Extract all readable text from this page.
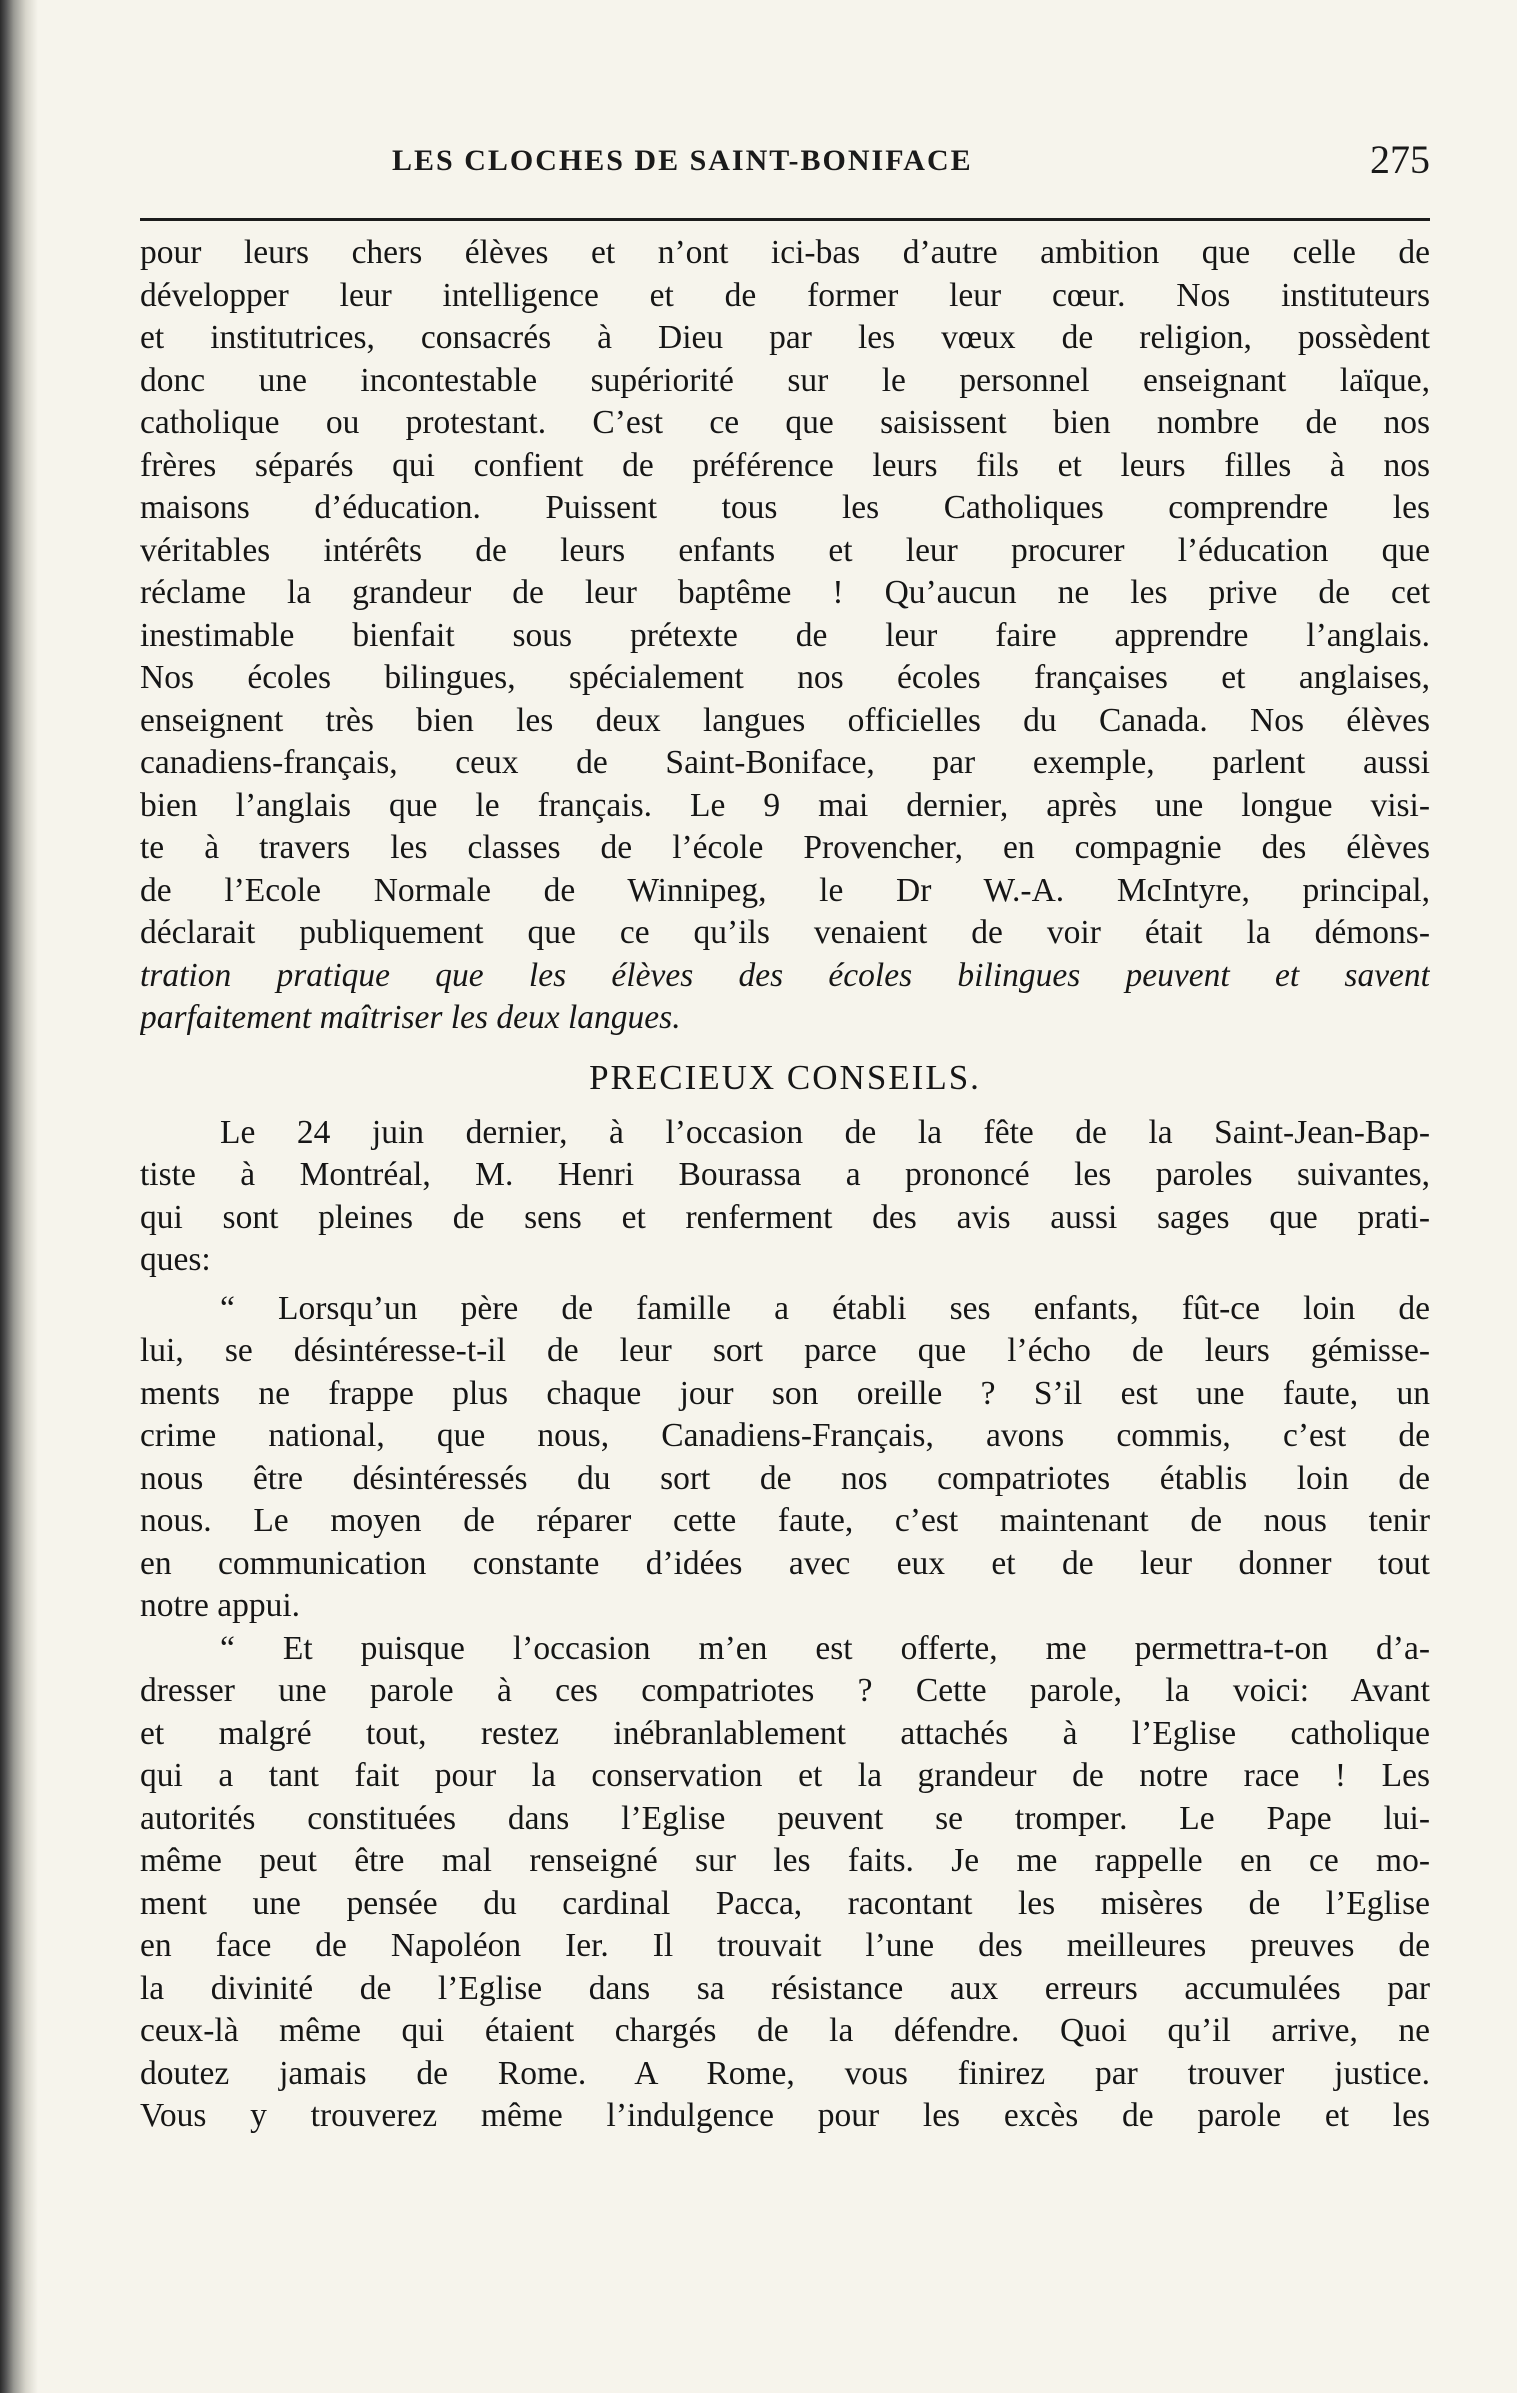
LES CLOCHES DE SAINT-BONIFACE	275
pour leurs chers élèves et n’ont ici-bas d’autre ambition que celle de
développer leur intelligence et de former leur cœur. Nos instituteurs
et institutrices, consacrés à Dieu par les vœux de religion, possèdent
donc une incontestable supériorité sur le personnel enseignant laïque,
catholique ou protestant. C’est ce que saisissent bien nombre de nos
frères séparés qui confient de préférence leurs fils et leurs filles à nos
maisons d’éducation. Puissent tous les Catholiques comprendre les
véritables intérêts de leurs enfants et leur procurer l’éducation que
réclame la grandeur de leur baptême ! Qu’aucun ne les prive de cet
inestimable bienfait sous prétexte de leur faire apprendre l’anglais.
Nos écoles bilingues, spécialement nos écoles françaises et anglaises,
enseignent très bien les deux langues officielles du Canada. Nos élèves
canadiens-français, ceux de Saint-Boniface, par exemple, parlent aussi
bien l’anglais que le français. Le 9 mai dernier, après une longue visi-
te à travers les classes de l’école Provencher, en compagnie des élèves
de l’Ecole Normale de Winnipeg, le Dr W.-A. McIntyre, principal,
déclarait publiquement que ce qu’ils venaient de voir était la démons-
tration pratique que les élèves des écoles bilingues peuvent et savent
parfaitement maîtriser les deux langues.
PRECIEUX CONSEILS.
Le 24 juin dernier, à l’occasion de la fête de la Saint-Jean-Bap-
tiste à Montréal, M. Henri Bourassa a prononcé les paroles suivantes,
qui sont pleines de sens et renferment des avis aussi sages que prati-
ques:
“ Lorsqu’un père de famille a établi ses enfants, fût-ce loin de
lui, se désintéresse-t-il de leur sort parce que l’écho de leurs gémisse-
ments ne frappe plus chaque jour son oreille ? S’il est une faute, un
crime national, que nous, Canadiens-Français, avons commis, c’est de
nous être désintéressés du sort de nos compatriotes établis loin de
nous. Le moyen de réparer cette faute, c’est maintenant de nous tenir
en communication constante d’idées avec eux et de leur donner tout
notre appui.
“ Et puisque l’occasion m’en est offerte, me permettra-t-on d’a-
dresser une parole à ces compatriotes ? Cette parole, la voici: Avant
et malgré tout, restez inébranlablement attachés à l’Eglise catholique
qui a tant fait pour la conservation et la grandeur de notre race ! Les
autorités constituées dans l’Eglise peuvent se tromper. Le Pape lui-
même peut être mal renseigné sur les faits. Je me rappelle en ce mo-
ment une pensée du cardinal Pacca, racontant les misères de l’Eglise
en face de Napoléon Ier. Il trouvait l’une des meilleures preuves de
la divinité de l’Eglise dans sa résistance aux erreurs accumulées par
ceux-là même qui étaient chargés de la défendre. Quoi qu’il arrive, ne
doutez jamais de Rome. A Rome, vous finirez par trouver justice.
Vous y trouverez même l’indulgence pour les excès de parole et les
